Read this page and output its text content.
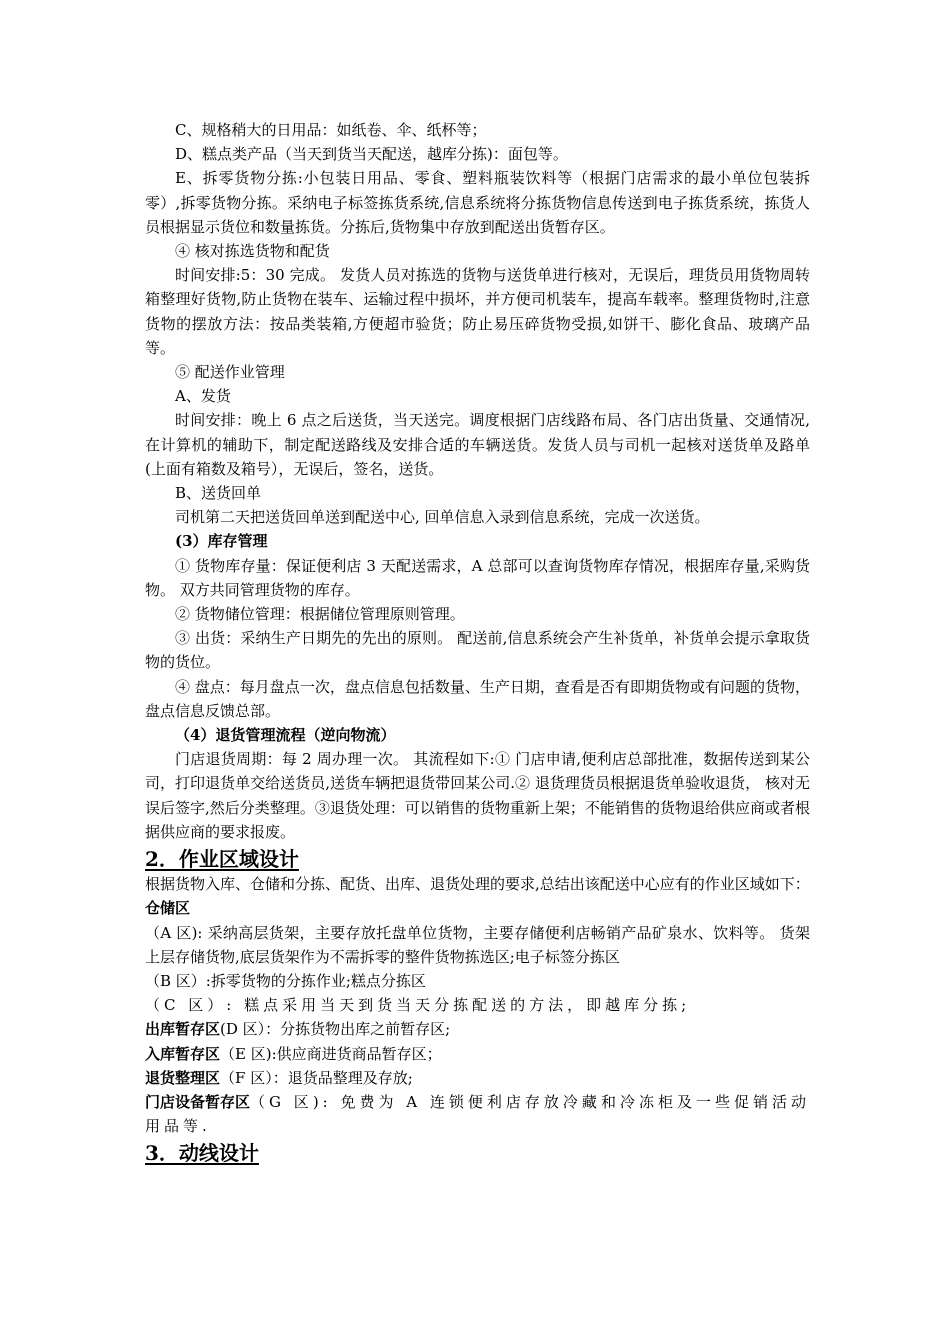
C、规格稍大的日用品：如纸卷、伞、纸杯等；

D、糕点类产品（当天到货当天配送，越库分拣)：面包等。

E、拆零货物分拣:小包装日用品、零食、塑料瓶装饮料等（根据门店需求的最小单位包装拆零）,拆零货物分拣。采纳电子标签拣货系统,信息系统将分拣货物信息传送到电子拣货系统，拣货人员根据显示货位和数量拣货。分拣后,货物集中存放到配送出货暂存区。

④ 核对拣选货物和配货

时间安排:5：30 完成。 发货人员对拣选的货物与送货单进行核对，无误后，理货员用货物周转箱整理好货物,防止货物在装车、运输过程中损坏，并方便司机装车，提高车载率。整理货物时,注意货物的摆放方法：按品类装箱,方便超市验货；防止易压碎货物受损,如饼干、膨化食品、玻璃产品等。

⑤ 配送作业管理

A、发货

时间安排：晚上 6 点之后送货，当天送完。调度根据门店线路布局、各门店出货量、交通情况,在计算机的辅助下，制定配送路线及安排合适的车辆送货。发货人员与司机一起核对送货单及路单(上面有箱数及箱号），无误后，签名，送货。

B、送货回单

司机第二天把送货回单送到配送中心, 回单信息入录到信息系统，完成一次送货。

(3）库存管理

① 货物库存量：保证便利店 3 天配送需求，A 总部可以查询货物库存情况，根据库存量,采购货物。 双方共同管理货物的库存。

② 货物储位管理：根据储位管理原则管理。

③ 出货：采纳生产日期先的先出的原则。 配送前,信息系统会产生补货单，补货单会提示拿取货物的货位。

④ 盘点：每月盘点一次，盘点信息包括数量、生产日期，查看是否有即期货物或有问题的货物，盘点信息反馈总部。

（4）退货管理流程（逆向物流）

门店退货周期：每 2 周办理一次。 其流程如下:① 门店申请,便利店总部批准，数据传送到某公司，打印退货单交给送货员,送货车辆把退货带回某公司.② 退货理货员根据退货单验收退货， 核对无误后签字,然后分类整理。③退货处理：可以销售的货物重新上架；不能销售的货物退给供应商或者根据供应商的要求报废。

2．作业区域设计

根据货物入库、仓储和分拣、配货、出库、退货处理的要求,总结出该配送中心应有的作业区域如下：

仓储区

（A 区): 采纳高层货架，主要存放托盘单位货物，主要存储便利店畅销产品矿泉水、饮料等。 货架上层存储货物,底层货架作为不需拆零的整件货物拣选区;电子标签分拣区

（B 区）:拆零货物的分拣作业;糕点分拣区

（C 区）: 糕点采用当天到货当天分拣配送的方法，即越库分拣;

出库暂存区(D 区）：分拣货物出库之前暂存区;

入库暂存区（E 区):供应商进货商品暂存区；

退货整理区（F 区）：退货品整理及存放;

门店设备暂存区（G 区): 免费为 A 连锁便利店存放冷藏和冷冻柜及一些促销活动用品等.

3．动线设计
